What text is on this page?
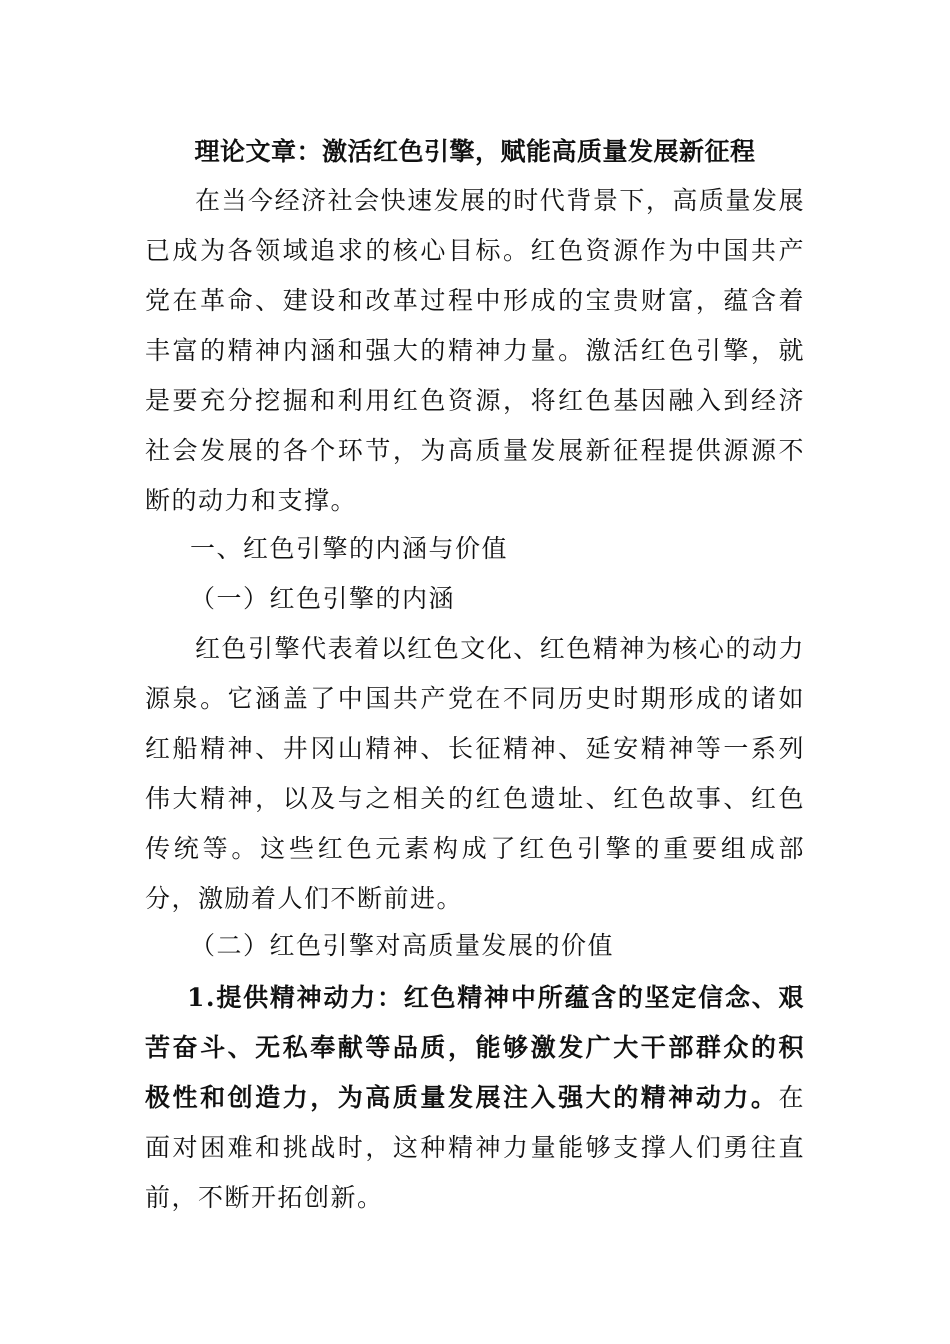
理论文章：激活红色引擎，赋能高质量发展新征程

在当今经济社会快速发展的时代背景下，高质量发展已成为各领域追求的核心目标。红色资源作为中国共产党在革命、建设和改革过程中形成的宝贵财富，蕴含着丰富的精神内涵和强大的精神力量。激活红色引擎，就是要充分挖掘和利用红色资源，将红色基因融入到经济社会发展的各个环节，为高质量发展新征程提供源源不断的动力和支撑。

一、红色引擎的内涵与价值

（一）红色引擎的内涵

红色引擎代表着以红色文化、红色精神为核心的动力源泉。它涵盖了中国共产党在不同历史时期形成的诸如红船精神、井冈山精神、长征精神、延安精神等一系列伟大精神，以及与之相关的红色遗址、红色故事、红色传统等。这些红色元素构成了红色引擎的重要组成部分，激励着人们不断前进。

（二）红色引擎对高质量发展的价值

1.提供精神动力：红色精神中所蕴含的坚定信念、艰苦奋斗、无私奉献等品质，能够激发广大干部群众的积极性和创造力，为高质量发展注入强大的精神动力。在面对困难和挑战时，这种精神力量能够支撑人们勇往直前，不断开拓创新。
